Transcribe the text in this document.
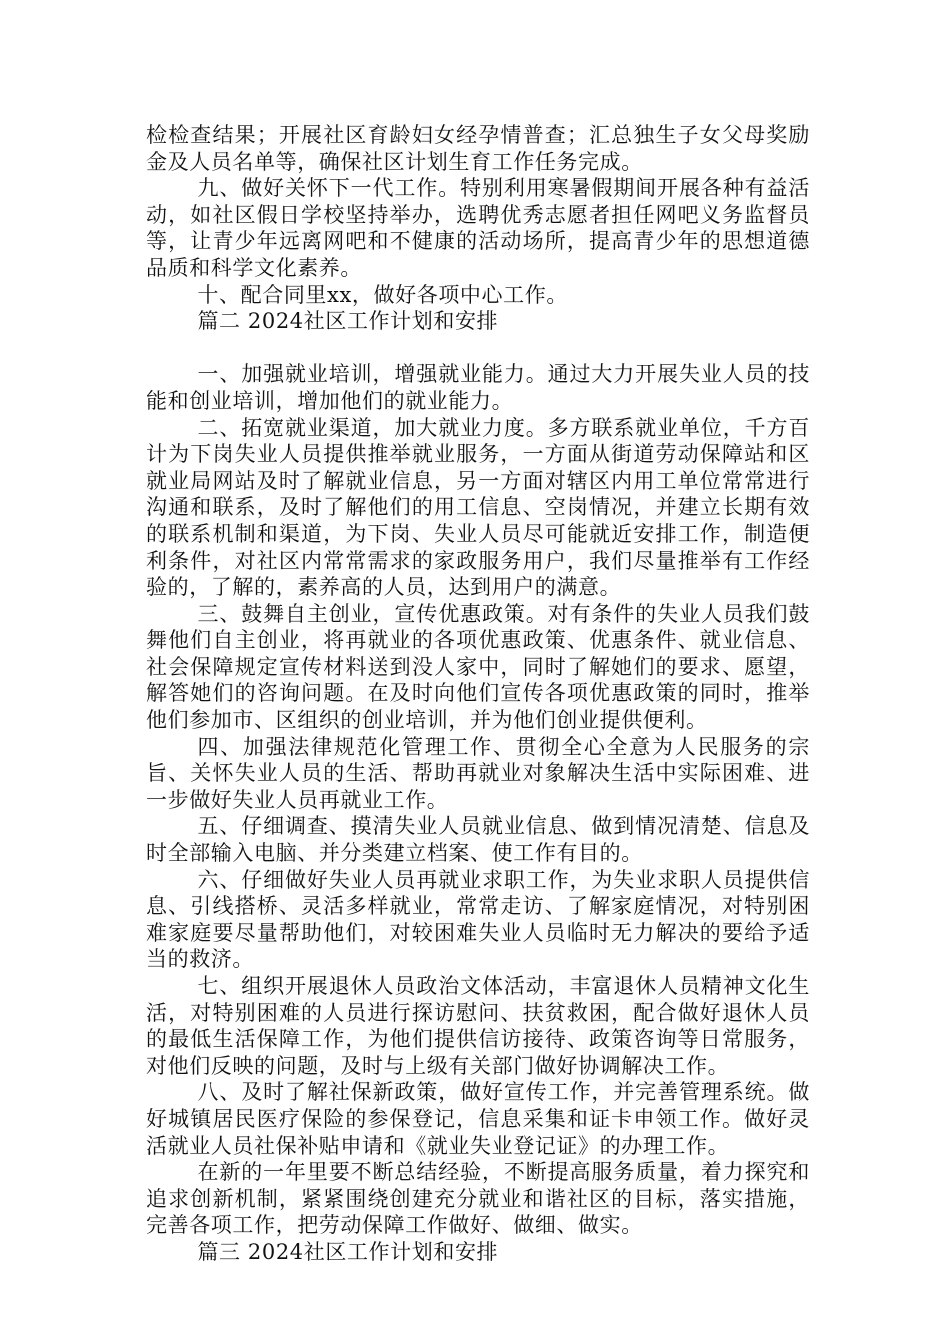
检检查结果；开展社区育龄妇女经孕情普查；汇总独生子女父母奖励金及人员名单等，确保社区计划生育工作任务完成。

九、做好关怀下一代工作。特别利用寒暑假期间开展各种有益活动，如社区假日学校坚持举办，选聘优秀志愿者担任网吧义务监督员等，让青少年远离网吧和不健康的活动场所，提高青少年的思想道德品质和科学文化素养。

十、配合同里xx，做好各项中心工作。

篇二 2024社区工作计划和安排

一、加强就业培训，增强就业能力。通过大力开展失业人员的技能和创业培训，增加他们的就业能力。

二、拓宽就业渠道，加大就业力度。多方联系就业单位，千方百计为下岗失业人员提供推举就业服务，一方面从街道劳动保障站和区就业局网站及时了解就业信息，另一方面对辖区内用工单位常常进行沟通和联系，及时了解他们的用工信息、空岗情况，并建立长期有效的联系机制和渠道，为下岗、失业人员尽可能就近安排工作，制造便利条件，对社区内常常需求的家政服务用户，我们尽量推举有工作经验的，了解的，素养高的人员，达到用户的满意。

三、鼓舞自主创业，宣传优惠政策。对有条件的失业人员我们鼓舞他们自主创业，将再就业的各项优惠政策、优惠条件、就业信息、社会保障规定宣传材料送到没人家中，同时了解她们的要求、愿望，解答她们的咨询问题。在及时向他们宣传各项优惠政策的同时，推举他们参加市、区组织的创业培训，并为他们创业提供便利。

四、加强法律规范化管理工作、贯彻全心全意为人民服务的宗旨、关怀失业人员的生活、帮助再就业对象解决生活中实际困难、进一步做好失业人员再就业工作。

五、仔细调查、摸清失业人员就业信息、做到情况清楚、信息及时全部输入电脑、并分类建立档案、使工作有目的。

六、仔细做好失业人员再就业求职工作，为失业求职人员提供信息、引线搭桥、灵活多样就业，常常走访、了解家庭情况，对特别困难家庭要尽量帮助他们，对较困难失业人员临时无力解决的要给予适当的救济。

七、组织开展退休人员政治文体活动，丰富退休人员精神文化生活，对特别困难的人员进行探访慰问、扶贫救困，配合做好退休人员的最低生活保障工作，为他们提供信访接待、政策咨询等日常服务，对他们反映的问题，及时与上级有关部门做好协调解决工作。

八、及时了解社保新政策，做好宣传工作，并完善管理系统。做好城镇居民医疗保险的参保登记，信息采集和证卡申领工作。做好灵活就业人员社保补贴申请和《就业失业登记证》的办理工作。

在新的一年里要不断总结经验，不断提高服务质量，着力探究和追求创新机制，紧紧围绕创建充分就业和谐社区的目标，落实措施，完善各项工作，把劳动保障工作做好、做细、做实。

篇三 2024社区工作计划和安排
